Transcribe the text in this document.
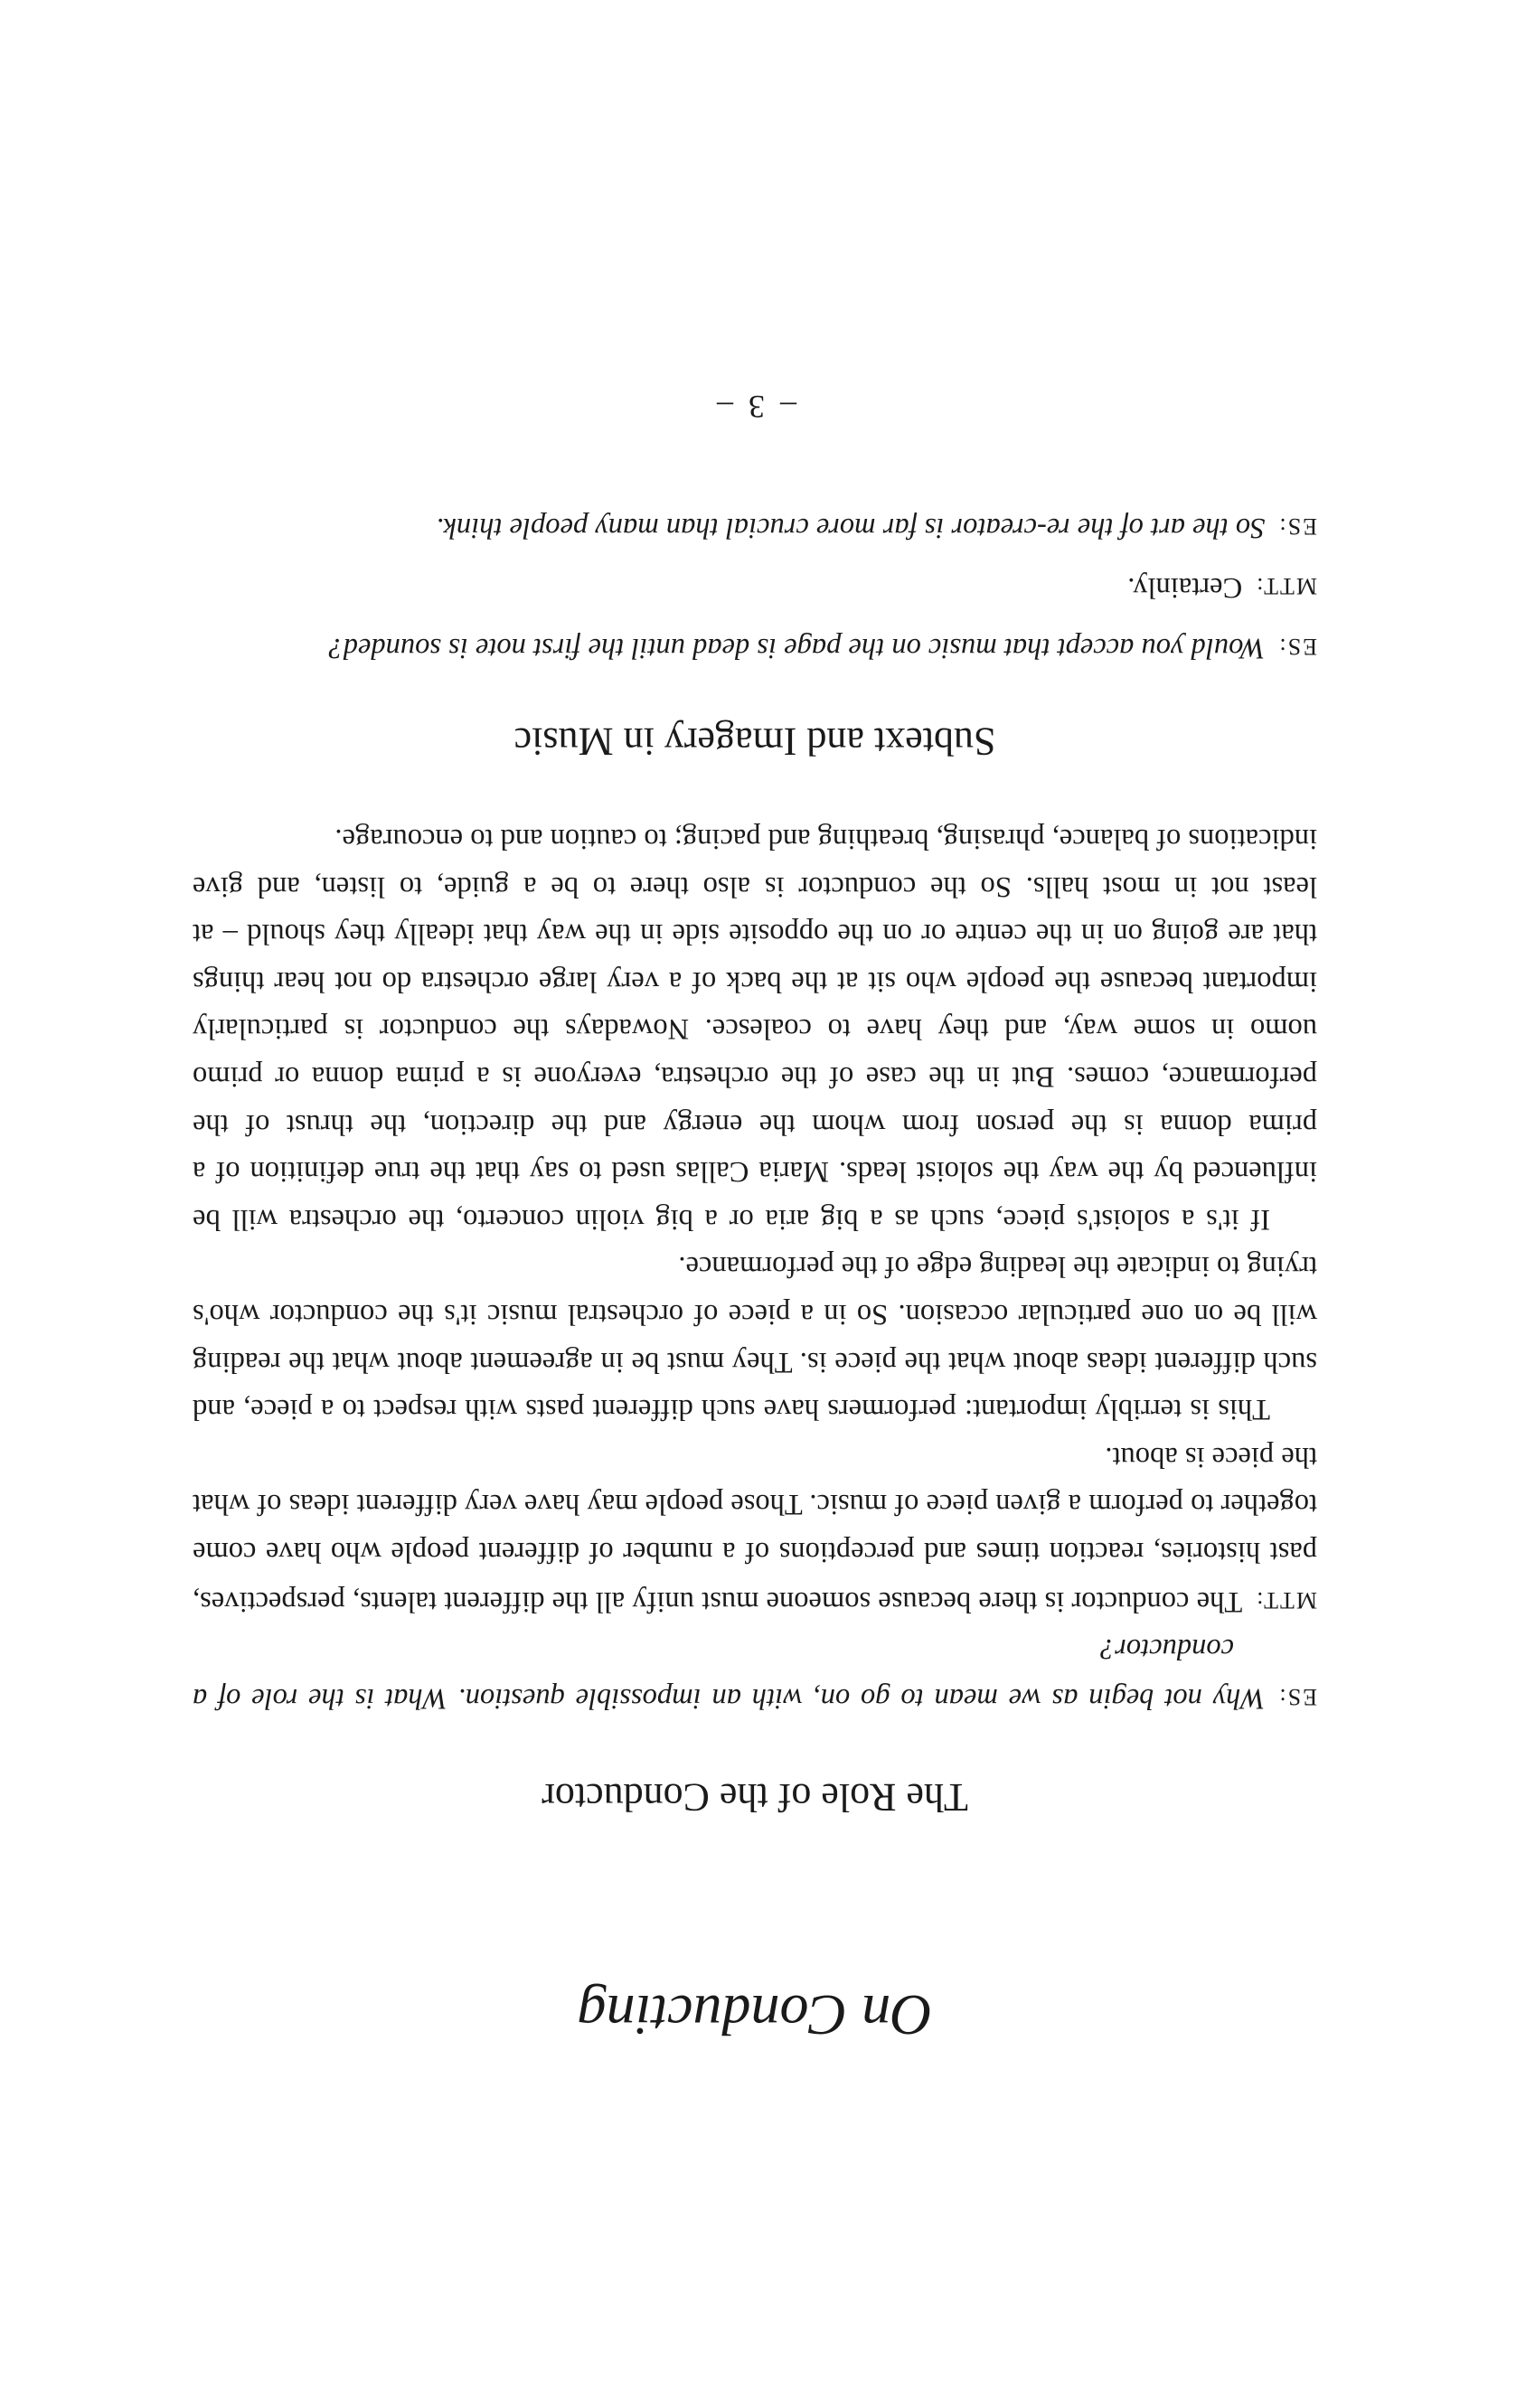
On Conducting
The Role of the Conductor

ES:Why not begin as we mean to go on, with an impossible question. What is the role of a conductor?

MTT:The conductor is there because someone must unify all the different talents, perspectives, past histories, reaction times and perceptions of a number of different people who have come together to perform a given piece of music. Those people may have very different ideas of what the piece is about.

This is terribly important: performers have such different pasts with respect to a piece, and such different ideas about what the piece is. They must be in agreement about what the reading will be on one particular occasion. So in a piece of orchestral music it's the conductor who's trying to indicate the leading edge of the performance.

If it's a soloist's piece, such as a big aria or a big violin concerto, the orchestra will be influenced by the way the soloist leads. Maria Callas used to say that the true definition of a prima donna is the person from whom the energy and the direction, the thrust of the performance, comes. But in the case of the orchestra, everyone is a prima donna or primo uomo in some way, and they have to coalesce. Nowadays the conductor is particularly important because the people who sit at the back of a very large orchestra do not hear things that are going on in the centre or on the opposite side in the way that ideally they should – at least not in most halls. So the conductor is also there to be a guide, to listen, and give indications of balance, phrasing, breathing and pacing; to caution and to encourage.

Subtext and Imagery in Music

ES:Would you accept that music on the page is dead until the first note is sounded?

MTT:Certainly.

ES:So the art of the re-creator is far more crucial than many people think.

– 3 –
